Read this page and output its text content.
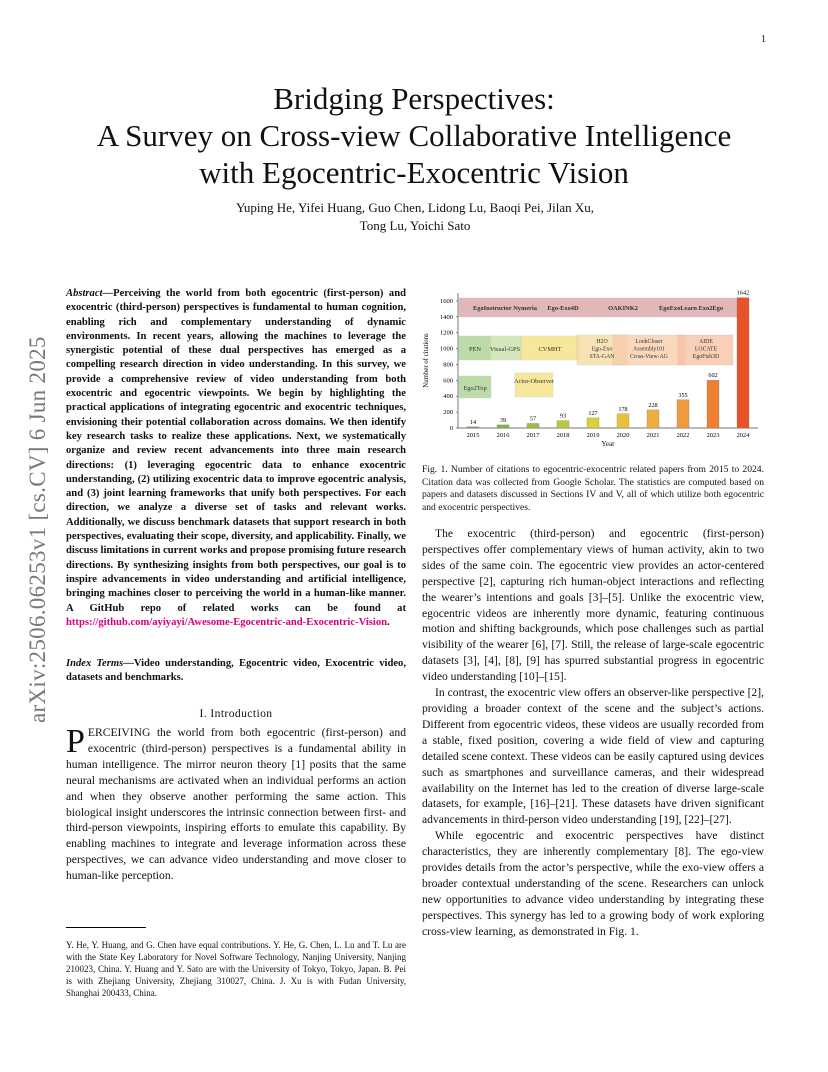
1
arXiv:2506.06253v1 [cs.CV] 6 Jun 2025
Bridging Perspectives:
A Survey on Cross-view Collaborative Intelligence
with Egocentric-Exocentric Vision
Yuping He, Yifei Huang, Guo Chen, Lidong Lu, Baoqi Pei, Jilan Xu,
Tong Lu, Yoichi Sato
Abstract—Perceiving the world from both egocentric (first-person) and exocentric (third-person) perspectives is fundamental to human cognition, enabling rich and complementary understanding of dynamic environments. In recent years, allowing the machines to leverage the synergistic potential of these dual perspectives has emerged as a compelling research direction in video understanding. In this survey, we provide a comprehensive review of video understanding from both exocentric and egocentric viewpoints. We begin by highlighting the practical applications of integrating egocentric and exocentric techniques, envisioning their potential collaboration across domains. We then identify key research tasks to realize these applications. Next, we systematically organize and review recent advancements into three main research directions: (1) leveraging egocentric data to enhance exocentric understanding, (2) utilizing exocentric data to improve egocentric analysis, and (3) joint learning frameworks that unify both perspectives. For each direction, we analyze a diverse set of tasks and relevant works. Additionally, we discuss benchmark datasets that support research in both perspectives, evaluating their scope, diversity, and applicability. Finally, we discuss limitations in current works and propose promising future research directions. By synthesizing insights from both perspectives, our goal is to inspire advancements in video understanding and artificial intelligence, bringing machines closer to perceiving the world in a human-like manner. A GitHub repo of related works can be found at https://github.com/ayiyayi/Awesome-Egocentric-and-Exocentric-Vision.
Index Terms—Video understanding, Egocentric video, Exocentric video, datasets and benchmarks.
I. Introduction
PERCEIVING the world from both egocentric (first-person) and exocentric (third-person) perspectives is a fundamental ability in human intelligence. The mirror neuron theory [1] posits that the same neural mechanisms are activated when an individual performs an action and when they observe another performing the same action. This biological insight underscores the intrinsic connection between first- and third-person viewpoints, inspiring efforts to emulate this capability. By enabling machines to integrate and leverage information across these perspectives, we can advance video understanding and move closer to human-like perception.
Y. He, Y. Huang, and G. Chen have equal contributions. Y. He, G. Chen, L. Lu and T. Lu are with the State Key Laboratory for Novel Software Technology, Nanjing University, Nanjing 210023, China. Y. Huang and Y. Sato are with the University of Tokyo, Tokyo, Japan. B. Pei is with Zhejiang University, Zhejiang 310027, China. J. Xu is with Fudan University, Shanghai 200433, China.
0
200
400
600
800
1000
1200
1400
1600
Number of citations
Year
EgoInstructor Nymeria Ego-Exo4D	OAKINK2	EgoExoLearn Exo2Ego
PEN
Ego2Top
Visual-GPS	CVMHT
Actor-Observer
H2O Ego-Exo STA-GAN
LookCloser Assembly101 Cross-View-AG
AIDE LOCATE EgoFish3D
14
2015
39
2016
57
2017
93
2018
127
2019
178
2020
228
2021
355
2022
602
2023
1642
2024
Fig. 1. Number of citations to egocentric-exocentric related papers from 2015 to 2024. Citation data was collected from Google Scholar. The statistics are computed based on papers and datasets discussed in Sections IV and V, all of which utilize both egocentric and exocentric perspectives.

The exocentric (third-person) and egocentric (first-person) perspectives offer complementary views of human activity, akin to two sides of the same coin. The egocentric view provides an actor-centered perspective [2], capturing rich human-object interactions and reflecting the wearer’s intentions and goals [3]–[5]. Unlike the exocentric view, egocentric videos are inherently more dynamic, featuring continuous motion and shifting backgrounds, which pose challenges such as partial visibility of the wearer [6], [7]. Still, the release of large-scale egocentric datasets [3], [4], [8], [9] has spurred substantial progress in egocentric video understanding [10]–[15].

In contrast, the exocentric view offers an observer-like perspective [2], providing a broader context of the scene and the subject’s actions. Different from egocentric videos, these videos are usually recorded from a stable, fixed position, covering a wide field of view and capturing detailed scene context. These videos can be easily captured using devices such as smartphones and surveillance cameras, and their widespread availability on the Internet has led to the creation of diverse large-scale datasets, for example, [16]–[21]. These datasets have driven significant advancements in third-person video understanding [19], [22]–[27].

While egocentric and exocentric perspectives have distinct characteristics, they are inherently complementary [8]. The ego-view provides details from the actor’s perspective, while the exo-view offers a broader contextual understanding of the scene. Researchers can unlock new opportunities to advance video understanding by integrating these perspectives. This synergy has led to a growing body of work exploring cross-view learning, as demonstrated in Fig. 1.
